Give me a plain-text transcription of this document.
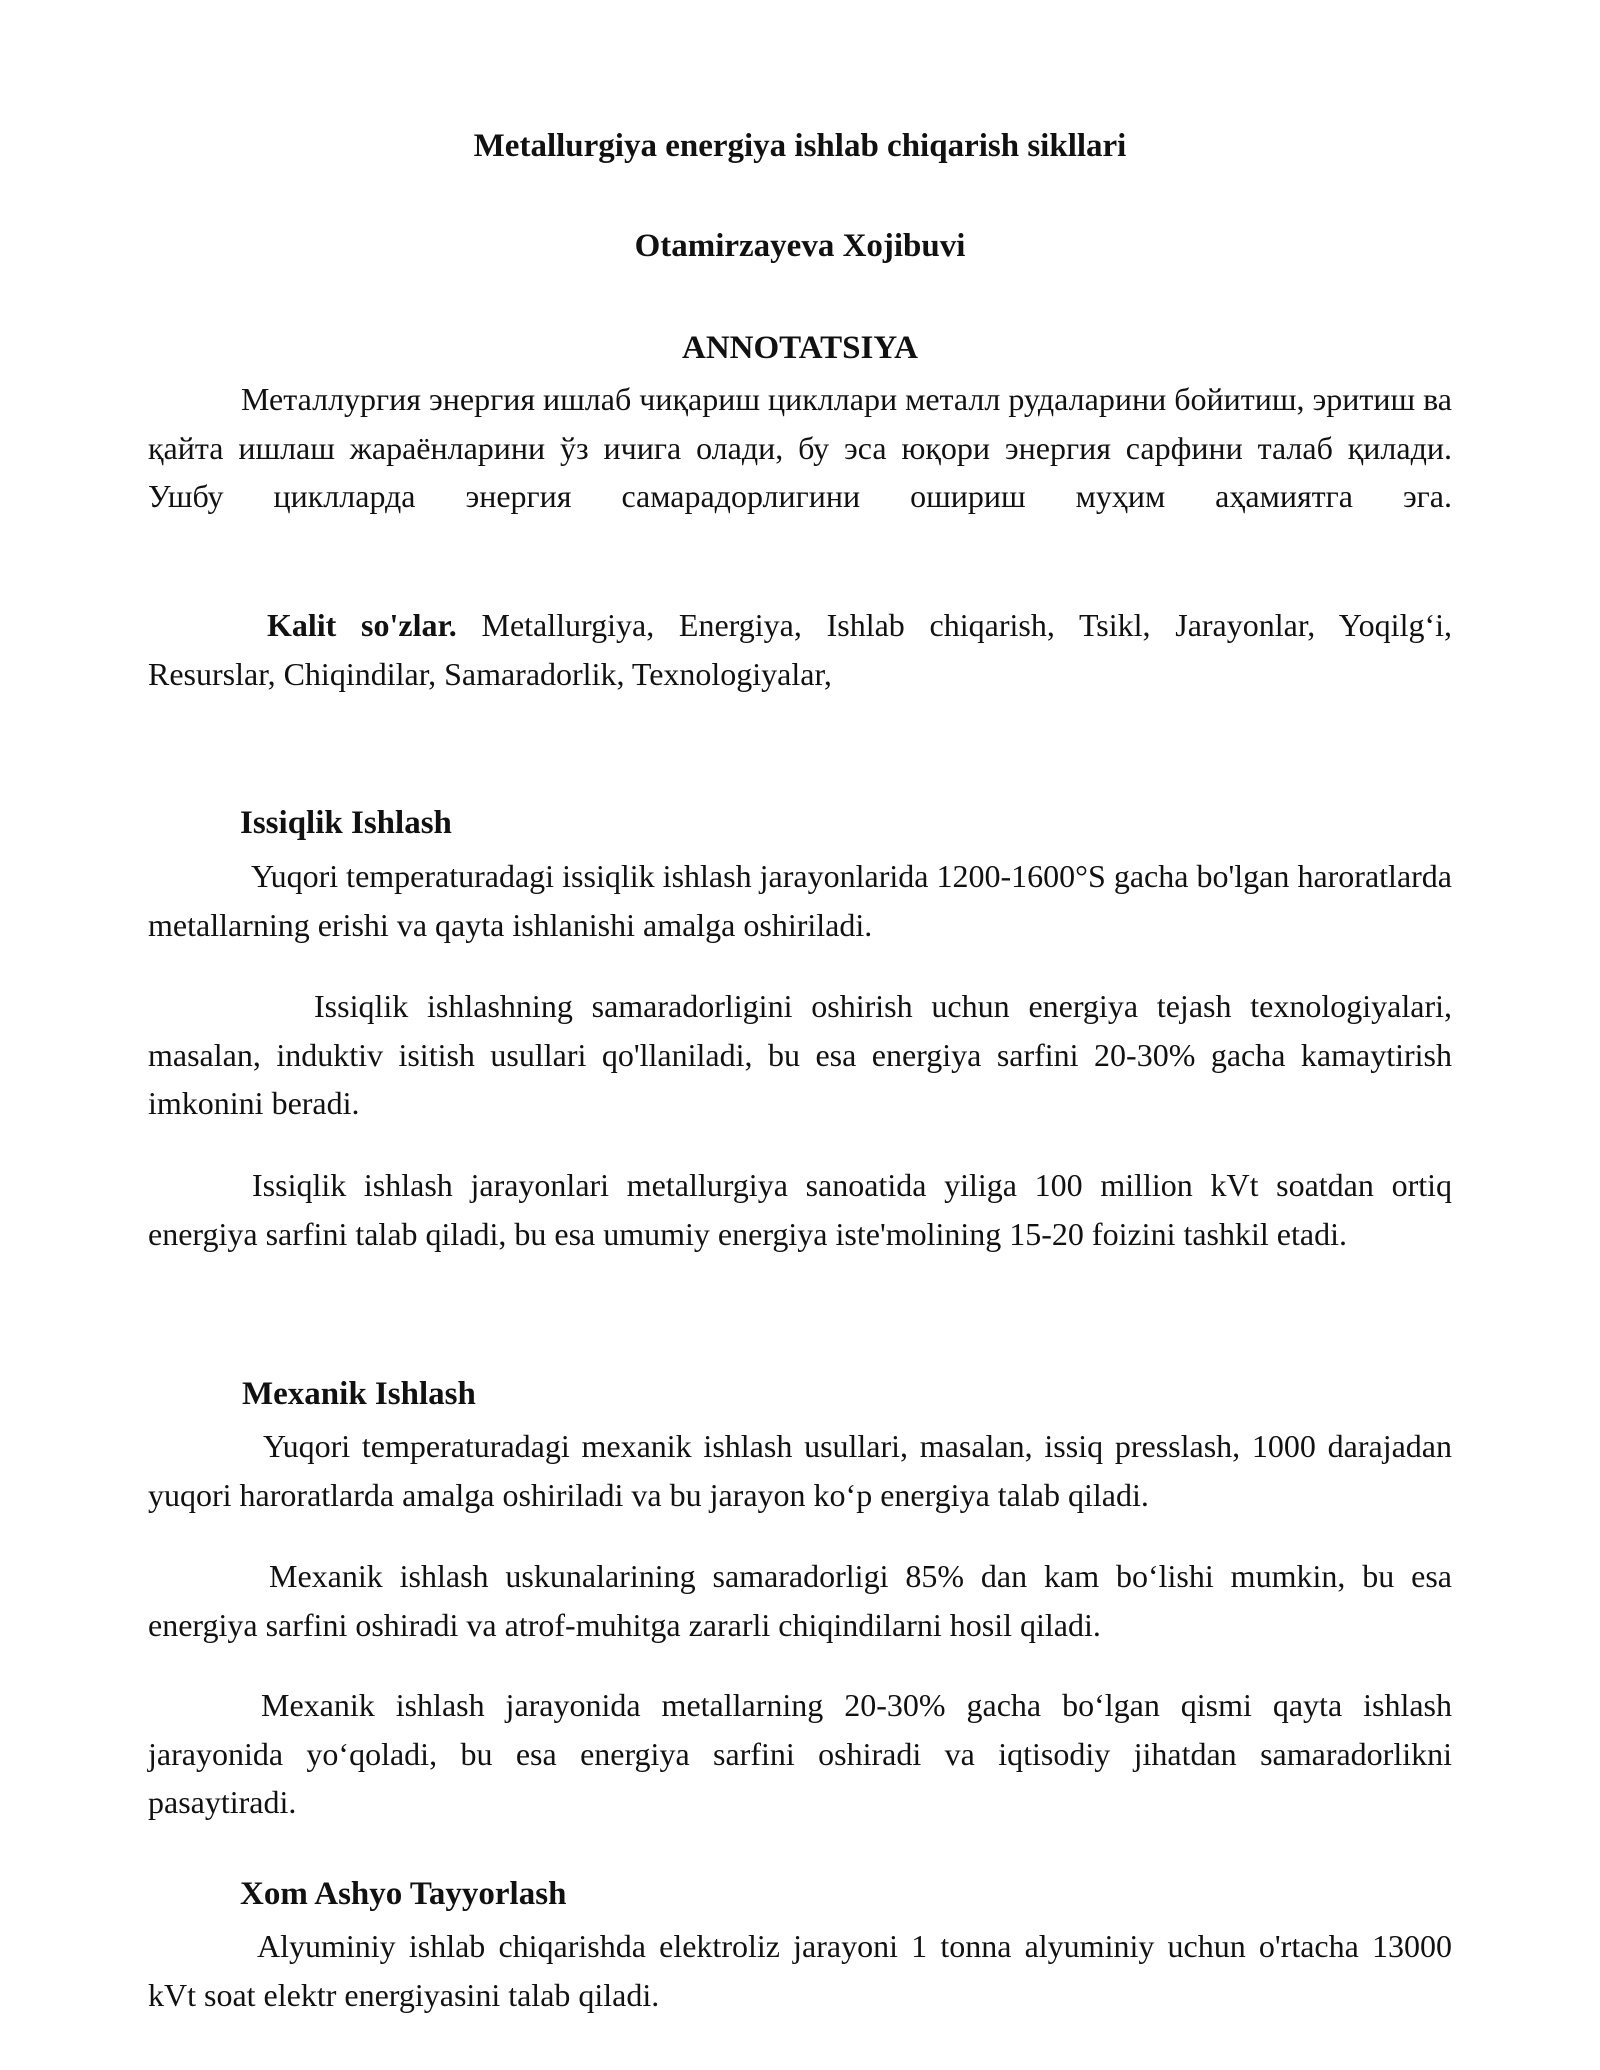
Metallurgiya energiya ishlab chiqarish sikllari
Otamirzayeva Xojibuvi
ANNOTATSIYA

Металлургия энергия ишлаб чиқариш цикллари металл рудаларини бойитиш, эритиш ва қайта ишлаш жараёнларини ўз ичига олади, бу эса юқори энергия сарфини талаб қилади. Ушбу циклларда энергия самарадорлигини ошириш муҳим аҳамиятга эга.

Kalit so'zlar. Metallurgiya, Energiya, Ishlab chiqarish, Tsikl, Jarayonlar, Yoqilg‘i, Resurslar, Chiqindilar, Samaradorlik, Texnologiyalar,

Issiqlik Ishlash

Yuqori temperaturadagi issiqlik ishlash jarayonlarida 1200-1600°S gacha bo'lgan haroratlarda metallarning erishi va qayta ishlanishi amalga oshiriladi.

Issiqlik ishlashning samaradorligini oshirish uchun energiya tejash texnologiyalari, masalan, induktiv isitish usullari qo'llaniladi, bu esa energiya sarfini 20-30% gacha kamaytirish imkonini beradi.

Issiqlik ishlash jarayonlari metallurgiya sanoatida yiliga 100 million kVt soatdan ortiq energiya sarfini talab qiladi, bu esa umumiy energiya iste'molining 15-20 foizini tashkil etadi.

Mexanik Ishlash

Yuqori temperaturadagi mexanik ishlash usullari, masalan, issiq presslash, 1000 darajadan yuqori haroratlarda amalga oshiriladi va bu jarayon ko‘p energiya talab qiladi.

Mexanik ishlash uskunalarining samaradorligi 85% dan kam bo‘lishi mumkin, bu esa energiya sarfini oshiradi va atrof-muhitga zararli chiqindilarni hosil qiladi.

Mexanik ishlash jarayonida metallarning 20-30% gacha bo‘lgan qismi qayta ishlash jarayonida yo‘qoladi, bu esa energiya sarfini oshiradi va iqtisodiy jihatdan samaradorlikni pasaytiradi.

Xom Ashyo Tayyorlash

Alyuminiy ishlab chiqarishda elektroliz jarayoni 1 tonna alyuminiy uchun o'rtacha 13000 kVt soat elektr energiyasini talab qiladi.
